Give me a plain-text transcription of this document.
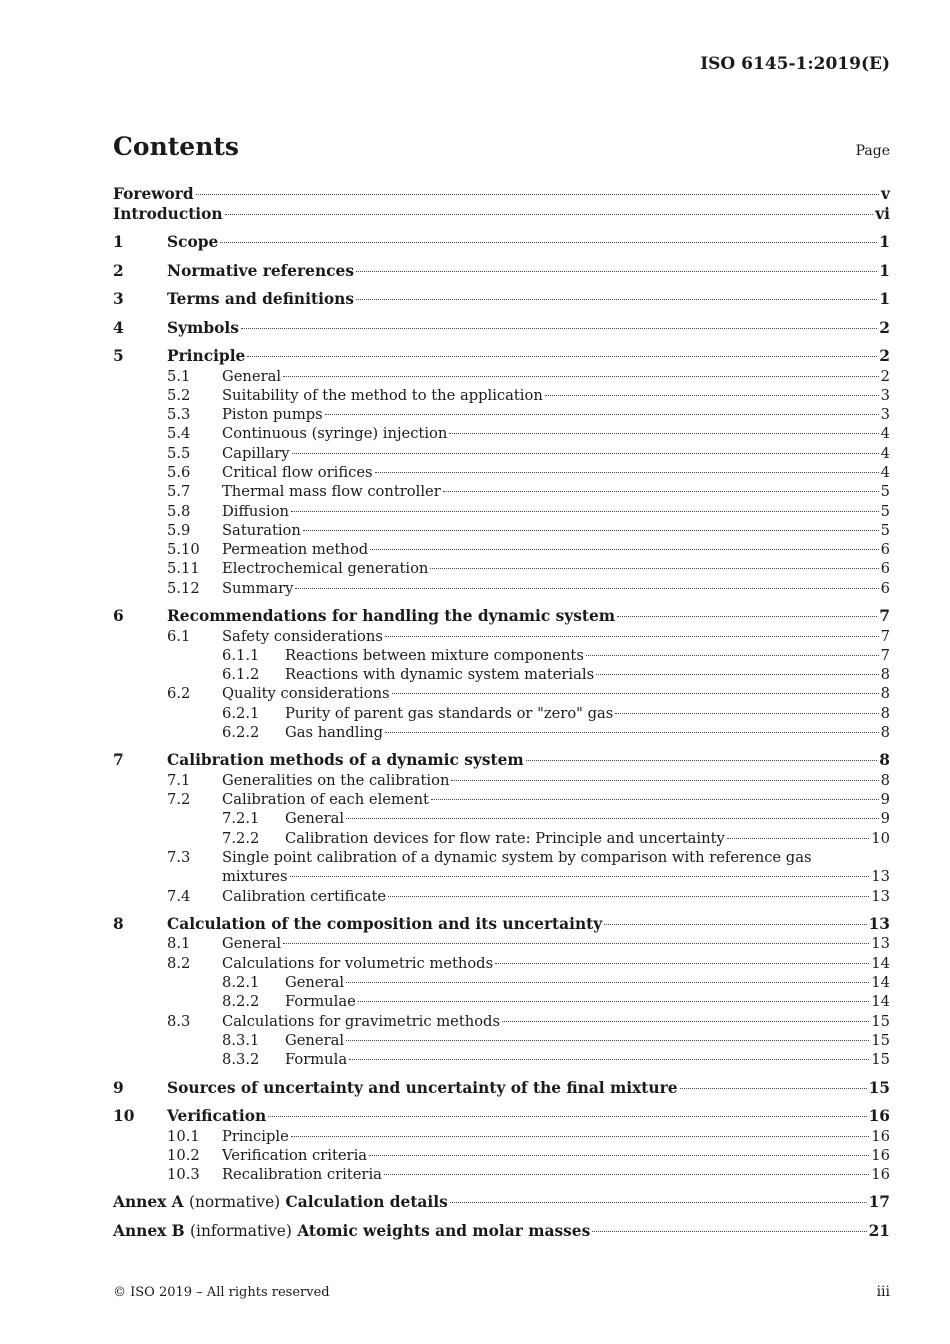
ISO 6145-1:2019(E)
Contents	Page
Foreword	v
Introduction	vi
1	Scope	1
2	Normative references	1
3	Terms and definitions	1
4	Symbols	2
5	Principle	2
5.1	General	2
5.2	Suitability of the method to the application	3
5.3	Piston pumps	3
5.4	Continuous (syringe) injection	4
5.5	Capillary	4
5.6	Critical flow orifices	4
5.7	Thermal mass flow controller	5
5.8	Diffusion	5
5.9	Saturation	5
5.10	Permeation method	6
5.11	Electrochemical generation	6
5.12	Summary	6
6	Recommendations for handling the dynamic system	7
6.1	Safety considerations	7
6.1.1	Reactions between mixture components	7
6.1.2	Reactions with dynamic system materials	8
6.2	Quality considerations	8
6.2.1	Purity of parent gas standards or "zero" gas	8
6.2.2	Gas handling	8
7	Calibration methods of a dynamic system	8
7.1	Generalities on the calibration	8
7.2	Calibration of each element	9
7.2.1	General	9
7.2.2	Calibration devices for flow rate: Principle and uncertainty	10
7.3	Single point calibration of a dynamic system by comparison with reference gas
mixtures	13
7.4	Calibration certificate	13
8	Calculation of the composition and its uncertainty	13
8.1	General	13
8.2	Calculations for volumetric methods	14
8.2.1	General	14
8.2.2	Formulae	14
8.3	Calculations for gravimetric methods	15
8.3.1	General	15
8.3.2	Formula	15
9	Sources of uncertainty and uncertainty of the final mixture	15
10	Verification	16
10.1	Principle	16
10.2	Verification criteria	16
10.3	Recalibration criteria	16
Annex A (normative) Calculation details	17
Annex B (informative) Atomic weights and molar masses	21
© ISO 2019 – All rights reserved	iii
